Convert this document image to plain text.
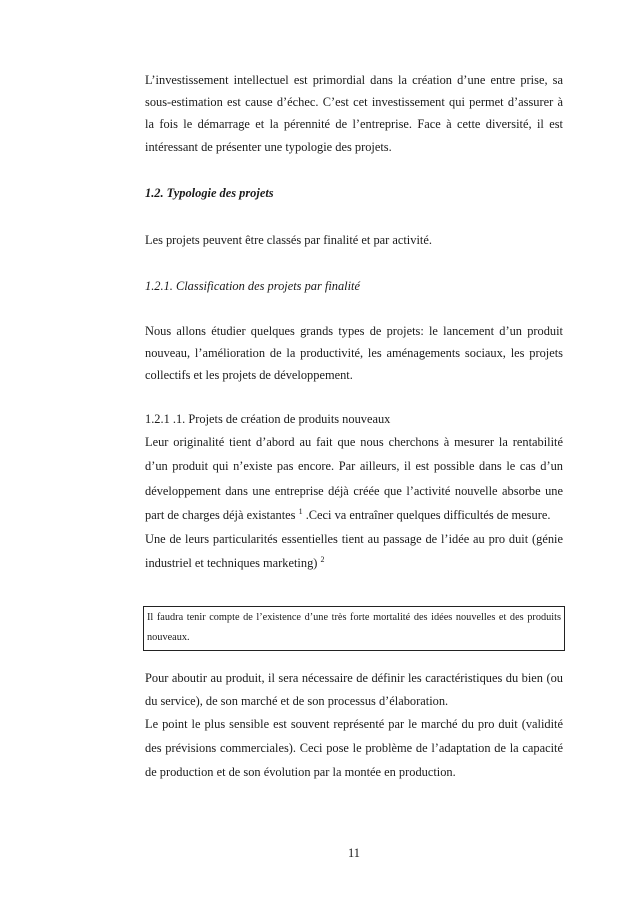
L’investissement intellectuel est primordial dans la création d’une entre prise, sa sous-estimation est cause d’échec. C’est cet investissement qui permet d’assurer à la fois le démarrage et la pérennité de l’entreprise. Face à cette diversité, il est intéressant de présenter une typologie des projets.

1.2. Typologie des projets

Les projets peuvent être classés par finalité et par activité.

1.2.1. Classification des projets par finalité

Nous allons étudier quelques grands types de projets: le lancement d’un produit nouveau, l’amélioration de la productivité, les aménagements sociaux, les projets collectifs et les projets de développement.

1.2.1 .1. Projets de création de produits nouveaux

Leur originalité tient d’abord au fait que nous cherchons à mesurer la rentabilité d’un produit qui n’existe pas encore. Par ailleurs, il est possible dans le cas d’un développement dans une entreprise déjà créée que l’activité nouvelle absorbe une part de charges déjà existantes $^1$ .Ceci va entraîner quelques difficultés de mesure.

Une de leurs particularités essentielles tient au passage de l’idée au pro duit (génie industriel et techniques marketing) $^2$

Il faudra tenir compte de l’existence d’une très forte mortalité des idées nouvelles et des produits nouveaux.

Pour aboutir au produit, il sera nécessaire de définir les caractéristiques du bien (ou du service), de son marché et de son processus d’élaboration.

Le point le plus sensible est souvent représenté par le marché du pro duit (validité des prévisions commerciales). Ceci pose le problème de l’adaptation de la capacité de production et de son évolution par la montée en production.

11
